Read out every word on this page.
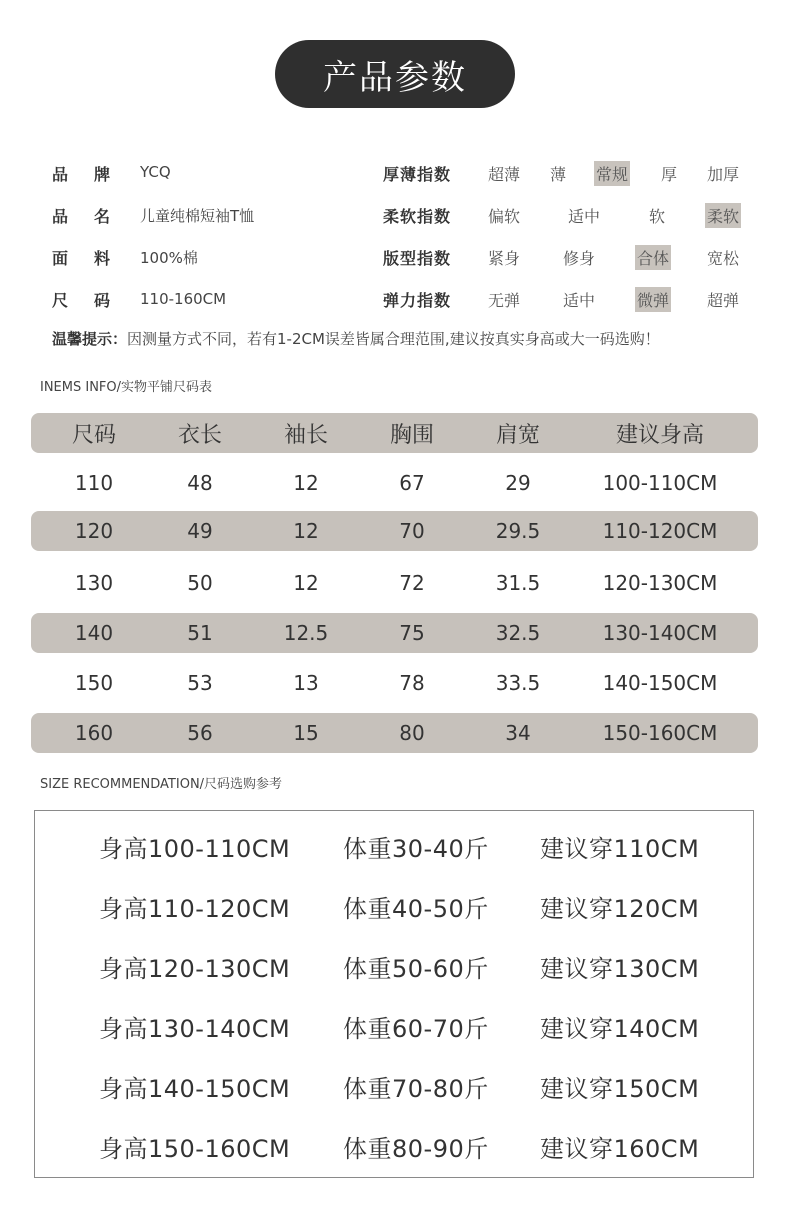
产品参数
品 牌 YCQ
品 名 儿童纯棉短袖T恤
面 料 100%棉
尺 码 110-160CM
厚薄指数 超薄 薄 常规 厚 加厚
柔软指数 偏软	适中	软	柔软
版型指数 紧身	修身	合体 宽松
弹力指数 无弹	适中	微弹 超弹
温馨提示：因测量方式不同，若有1-2CM误差皆属合理范围,建议按真实身高或大一码选购！
INEMS INFO/实物平铺尺码表
尺码	衣长	袖长	胸围	肩宽	建议身高
110	48	12	67	29	100-110CM
120	49	12	70	29.5	110-120CM
130	50	12	72	31.5	120-130CM
140	51	12.5	75	32.5	130-140CM
150	53	13	78	33.5	140-150CM
160	56	15	80	34	150-160CM
SIZE RECOMMENDATION/尺码选购参考
身高100-110CM 体重30-40斤 建议穿110CM
身高110-120CM 体重40-50斤 建议穿120CM
身高120-130CM 体重50-60斤 建议穿130CM
身高130-140CM 体重60-70斤 建议穿140CM
身高140-150CM 体重70-80斤 建议穿150CM
身高150-160CM 体重80-90斤 建议穿160CM
